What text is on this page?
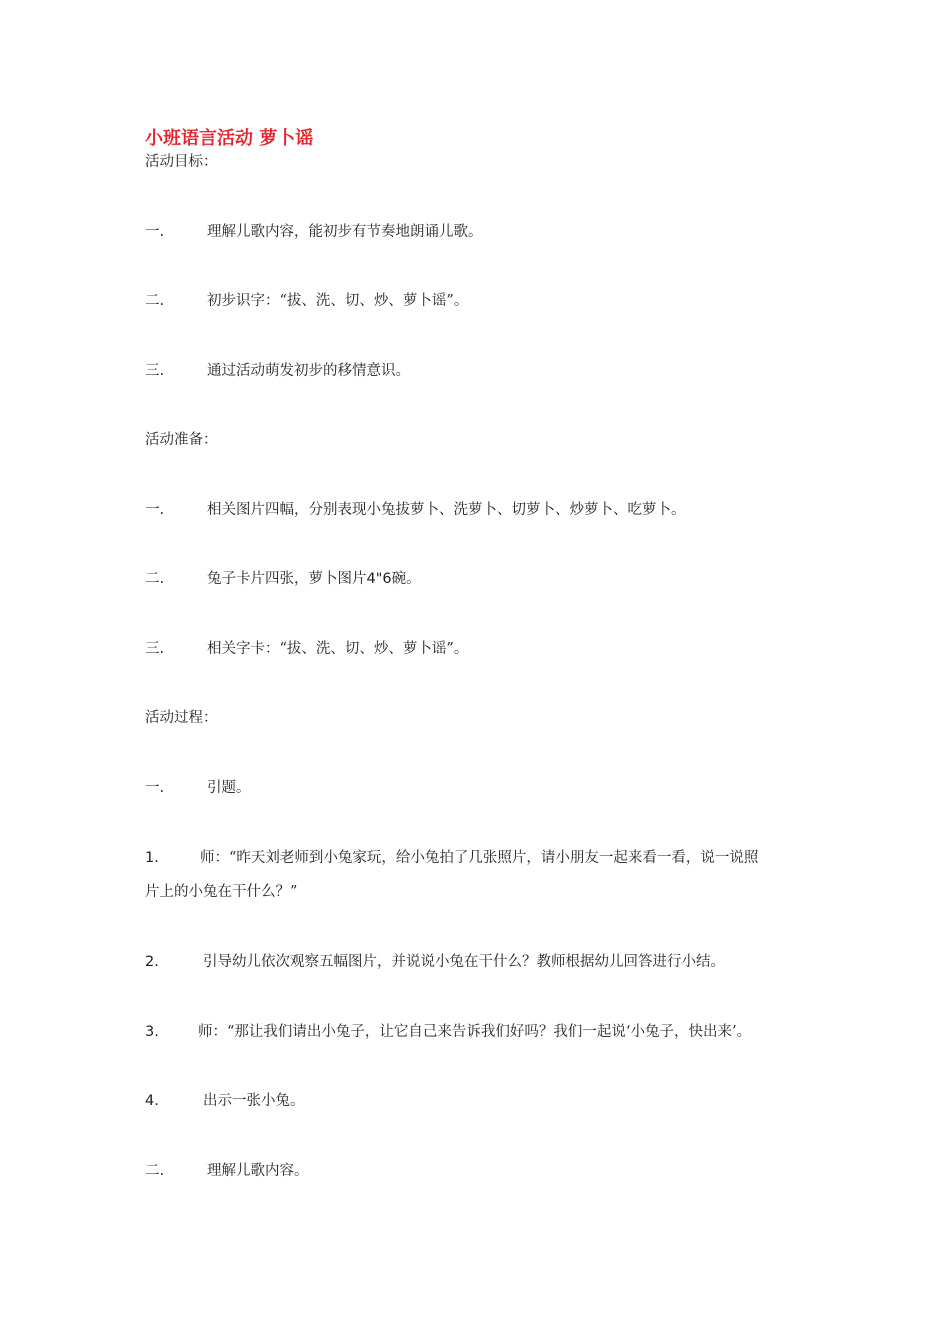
小班语言活动 萝卜谣
活动目标：
一.	理解儿歌内容，能初步有节奏地朗诵儿歌。
二.	初步识字：“拔、洗、切、炒、萝卜谣”。
三.	通过活动萌发初步的移情意识。
活动准备：
一.	相关图片四幅，分别表现小兔拔萝卜、洗萝卜、切萝卜、炒萝卜、吃萝卜。
二.	兔子卡片四张，萝卜图片4"6碗。
三.	相关字卡：“拔、洗、切、炒、萝卜谣”。
活动过程：
一.	引题。
1.	师：“昨天刘老师到小兔家玩，给小兔拍了几张照片，请小朋友一起来看一看，说一说照
片上的小兔在干什么？”
2.	引导幼儿依次观察五幅图片，并说说小兔在干什么？教师根据幼儿回答进行小结。
3.	师：“那让我们请出小兔子，让它自己来告诉我们好吗？我们一起说‘小兔子，快出来’。
4.	出示一张小兔。
二.	理解儿歌内容。
